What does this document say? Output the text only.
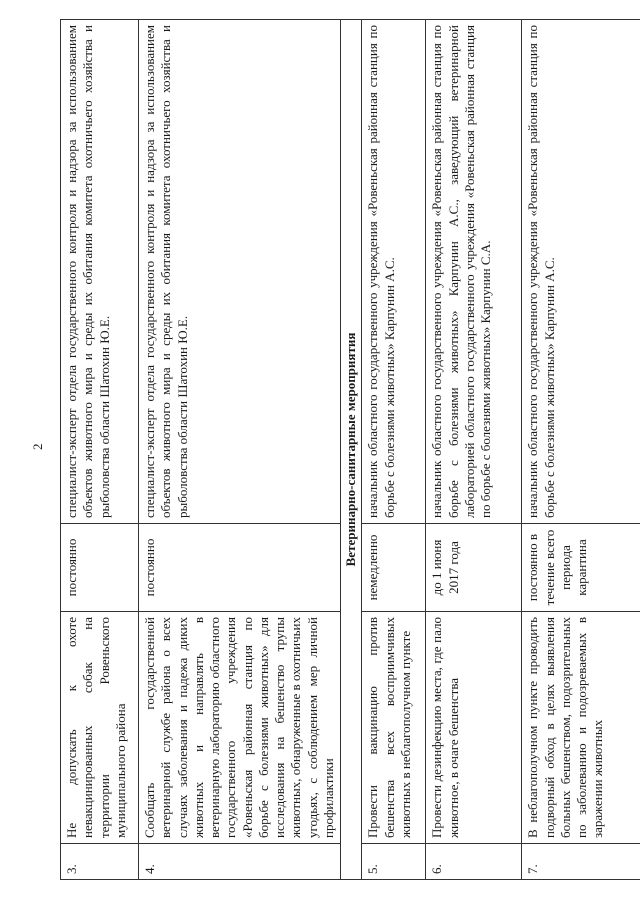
2
3.	Не допускать к охоте невакцинированных собак на территории Ровеньского муниципального района	постоянно	специалист-эксперт отдела государственного контроля и надзора за использованием объектов животного мира и среды их обитания комитета охотничьего хозяйства и рыболовства области Шатохин Ю.Е.
4.	Сообщать государственной ветеринарной службе района о всех случаях заболевания и падежа диких животных и направлять в ветеринарную лабораторию областного государственного учреждения «Ровеньская районная станция по борьбе с болезнями животных» для исследования на бешенство трупы животных, обнаруженные в охотничьих угодьях, с соблюдением мер личной профилактики	постоянно	специалист-эксперт отдела государственного контроля и надзора за использованием объектов животного мира и среды их обитания комитета охотничьего хозяйства и рыболовства области Шатохин Ю.Е.
Ветеринарно-санитарные мероприятия			
5.	Провести вакцинацию против бешенства всех восприимчивых животных в неблагополучном пункте	немедленно	начальник областного государственного учреждения «Ровеньская районная станция по борьбе с болезнями животных» Карпунин А.С.
6.	Провести дезинфекцию места, где пало животное, в очаге бешенства	до 1 июня 2017 года	начальник областного государственного учреждения «Ровеньская районная станция по борьбе с болезнями животных» Карпунин А.С., заведующий ветеринарной лабораторией областного государственного учреждения «Ровеньская районная станция по борьбе с болезнями животных» Карпунин С.А.
7.	В неблагополучном пункте проводить подворный обход в целях выявления больных бешенством, подозрительных по заболеванию и подозреваемых в заражении животных	постоянно в течение всего периода карантина	начальник областного государственного учреждения «Ровеньская районная станция по борьбе с болезнями животных» Карпунин А.С.
